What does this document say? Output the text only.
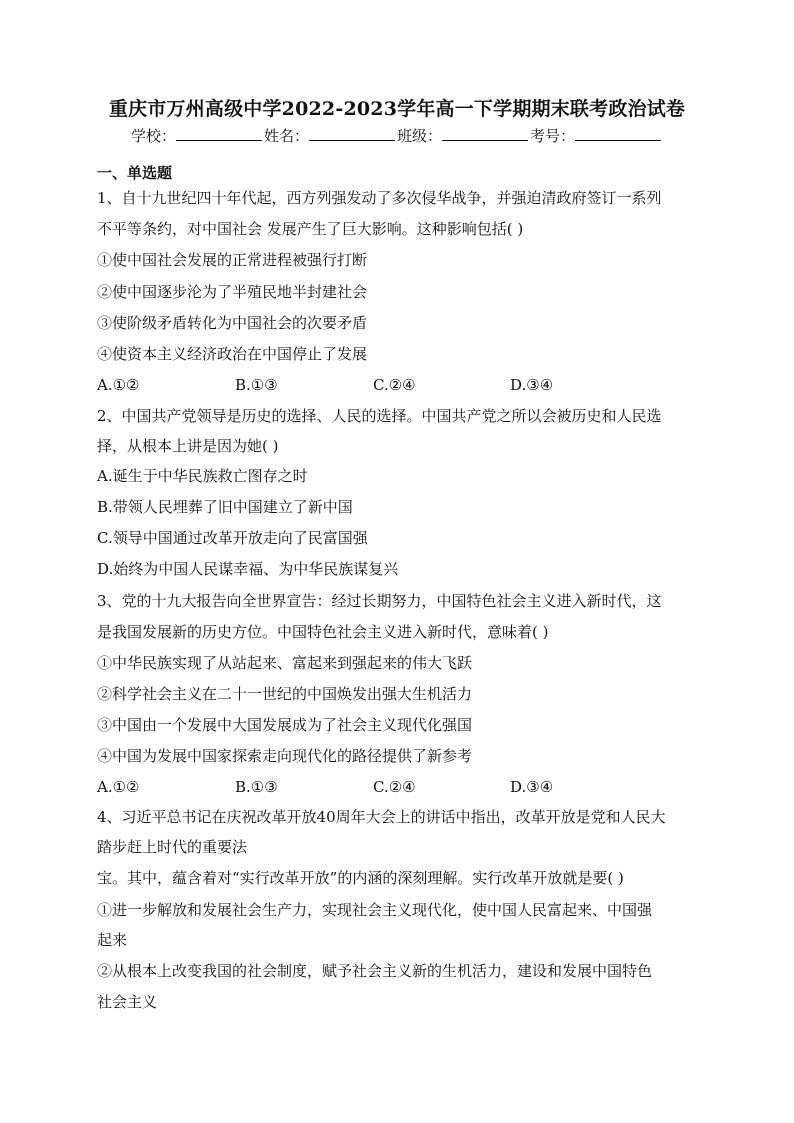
重庆市万州高级中学2022-2023学年高一下学期期末联考政治试卷
学校：	姓名：	班级：	考号：
一、单选题
1、自十九世纪四十年代起，西方列强发动了多次侵华战争，并强迫清政府签订一系列
不平等条约，对中国社会 发展产生了巨大影响。这种影响包括( )
①使中国社会发展的正常进程被强行打断
②使中国逐步沦为了半殖民地半封建社会
③使阶级矛盾转化为中国社会的次要矛盾
④使资本主义经济政治在中国停止了发展
A.①②	B.①③	C.②④	D.③④
2、中国共产党领导是历史的选择、人民的选择。中国共产党之所以会被历史和人民选
择，从根本上讲是因为她( )
A.诞生于中华民族救亡图存之时
B.带领人民埋葬了旧中国建立了新中国
C.领导中国通过改革开放走向了民富国强
D.始终为中国人民谋幸福、为中华民族谋复兴
3、党的十九大报告向全世界宣告：经过长期努力，中国特色社会主义进入新时代，这
是我国发展新的历史方位。中国特色社会主义进入新时代，意味着( )
①中华民族实现了从站起来、富起来到强起来的伟大飞跃
②科学社会主义在二十一世纪的中国焕发出强大生机活力
③中国由一个发展中大国发展成为了社会主义现代化强国
④中国为发展中国家探索走向现代化的路径提供了新参考
A.①②	B.①③	C.②④	D.③④
4、习近平总书记在庆祝改革开放40周年大会上的讲话中指出，改革开放是党和人民大
踏步赶上时代的重要法
宝。其中，蕴含着对“实行改革开放”的内涵的深刻理解。实行改革开放就是要( )
①进一步解放和发展社会生产力，实现社会主义现代化，使中国人民富起来、中国强
起来
②从根本上改变我国的社会制度，赋予社会主义新的生机活力，建设和发展中国特色
社会主义
